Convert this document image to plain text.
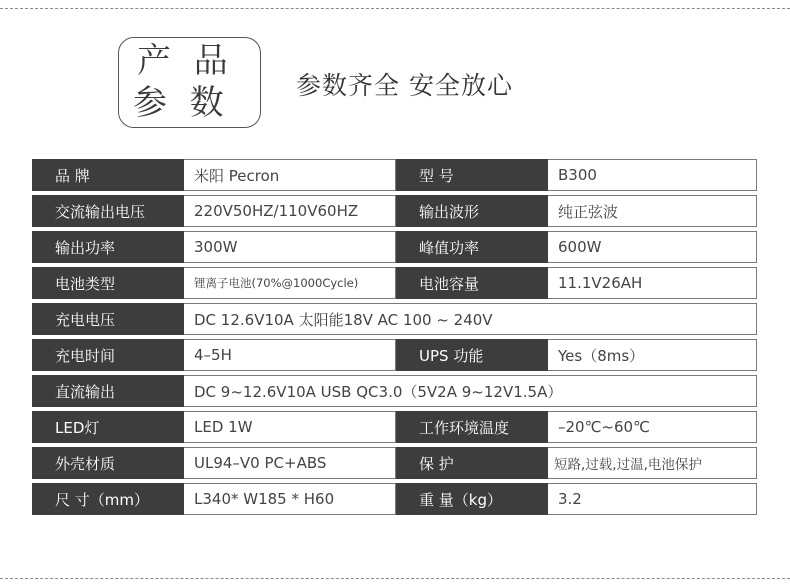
产 品
参 数	参数齐全 安全放心
品 牌	米阳 Pecron	型 号	B300
交流输出电压	220V50HZ/110V60HZ	输出波形	纯正弦波
输出功率	300W	峰值功率	600W
电池类型	锂离子电池(70%@1000Cycle)	电池容量	11.1V26AH
充电电压	DC 12.6V10A 太阳能18V AC 100 ~ 240V		
充电时间	4–5H	UPS 功能	Yes（8ms）
直流输出	DC 9~12.6V10A USB QC3.0（5V2A 9~12V1.5A）		
LED灯	LED 1W	工作环境温度	–20℃~60℃
外壳材质	UL94–V0 PC+ABS	保 护	短路,过载,过温,电池保护
尺 寸（mm）	L340* W185 * H60	重 量（kg）	3.2
